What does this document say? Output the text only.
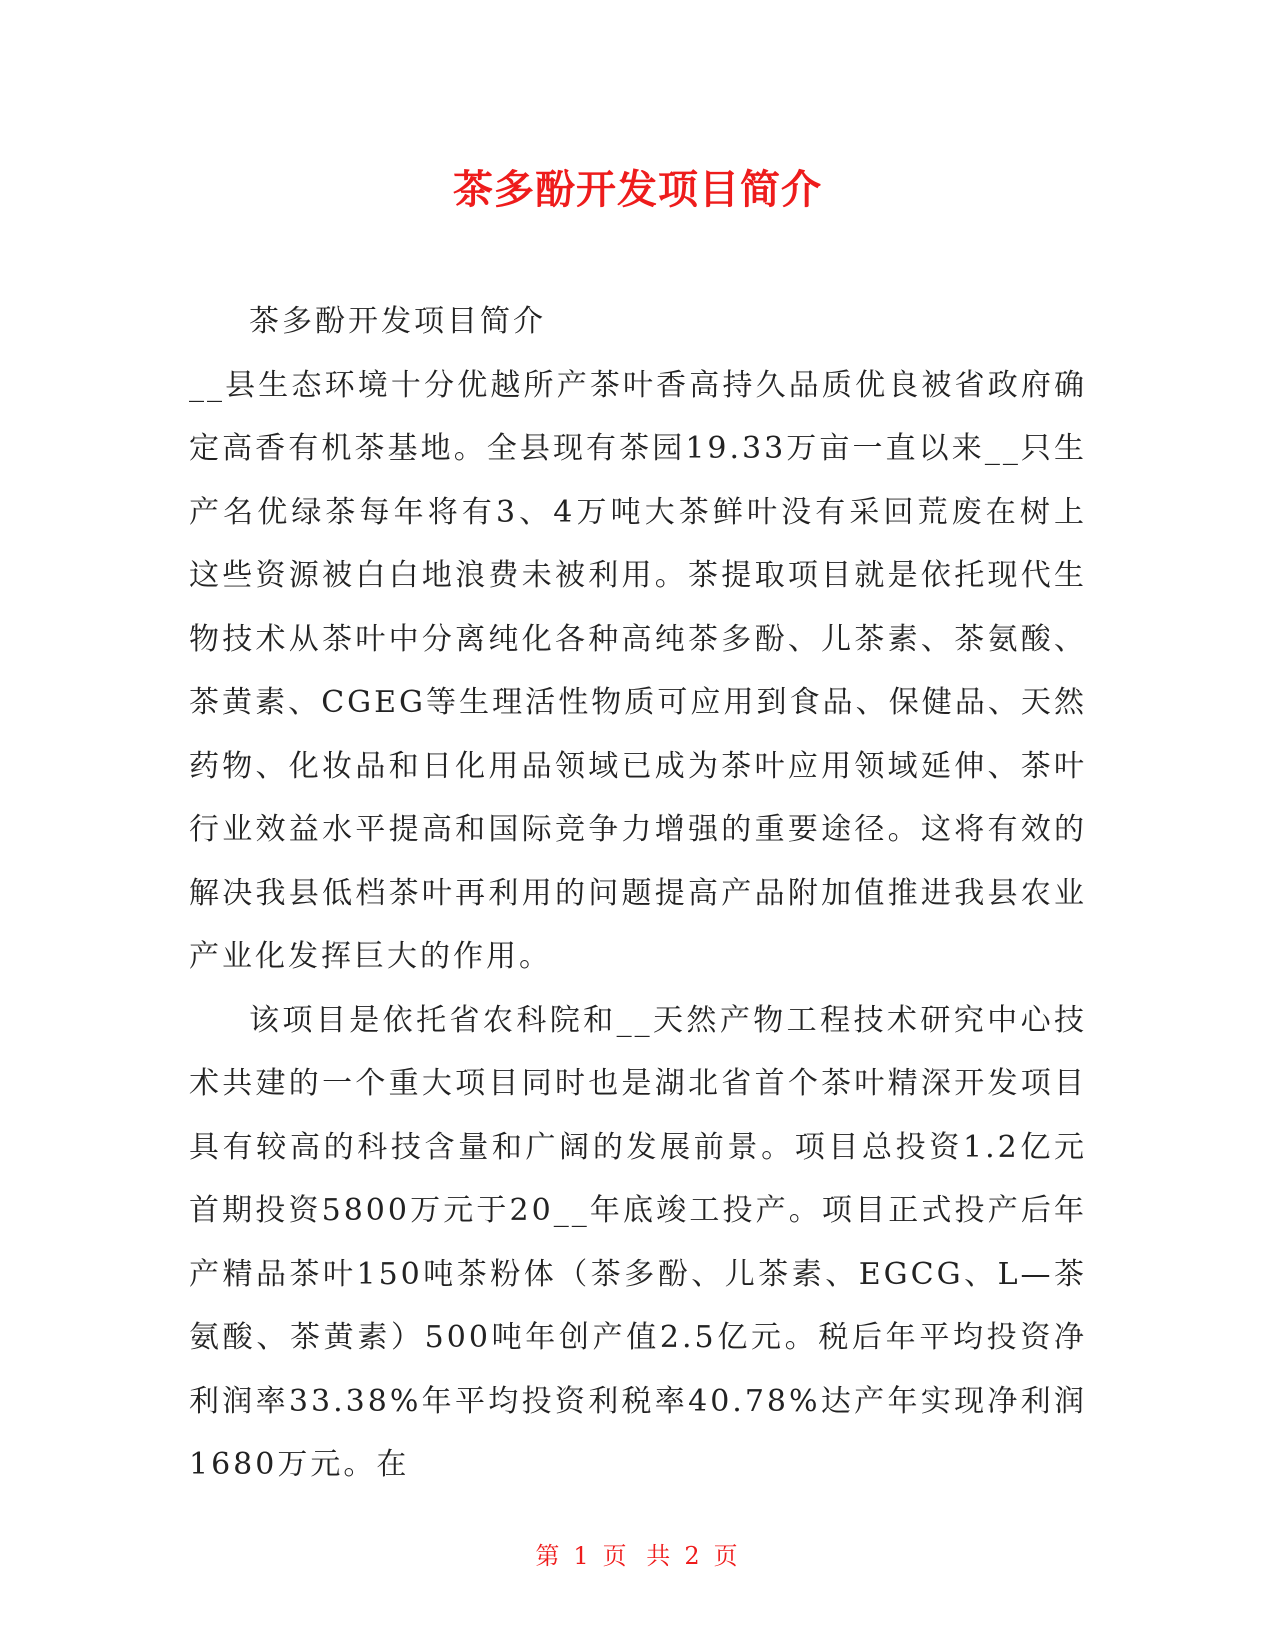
茶多酚开发项目简介

茶多酚开发项目简介

__县生态环境十分优越所产茶叶香高持久品质优良被省政府确定高香有机茶基地。全县现有茶园19.33万亩一直以来__只生产名优绿茶每年将有3、4万吨大茶鲜叶没有采回荒废在树上这些资源被白白地浪费未被利用。茶提取项目就是依托现代生物技术从茶叶中分离纯化各种高纯茶多酚、儿茶素、茶氨酸、茶黄素、CGEG等生理活性物质可应用到食品、保健品、天然药物、化妆品和日化用品领域已成为茶叶应用领域延伸、茶叶行业效益水平提高和国际竞争力增强的重要途径。这将有效的解决我县低档茶叶再利用的问题提高产品附加值推进我县农业产业化发挥巨大的作用。

该项目是依托省农科院和__天然产物工程技术研究中心技术共建的一个重大项目同时也是湖北省首个茶叶精深开发项目具有较高的科技含量和广阔的发展前景。项目总投资1.2亿元首期投资5800万元于20__年底竣工投产。项目正式投产后年产精品茶叶150吨茶粉体（茶多酚、儿茶素、EGCG、L—茶氨酸、茶黄素）500吨年创产值2.5亿元。税后年平均投资净利润率33.38%年平均投资利税率40.78%达产年实现净利润1680万元。在

第 1 页 共 2 页
